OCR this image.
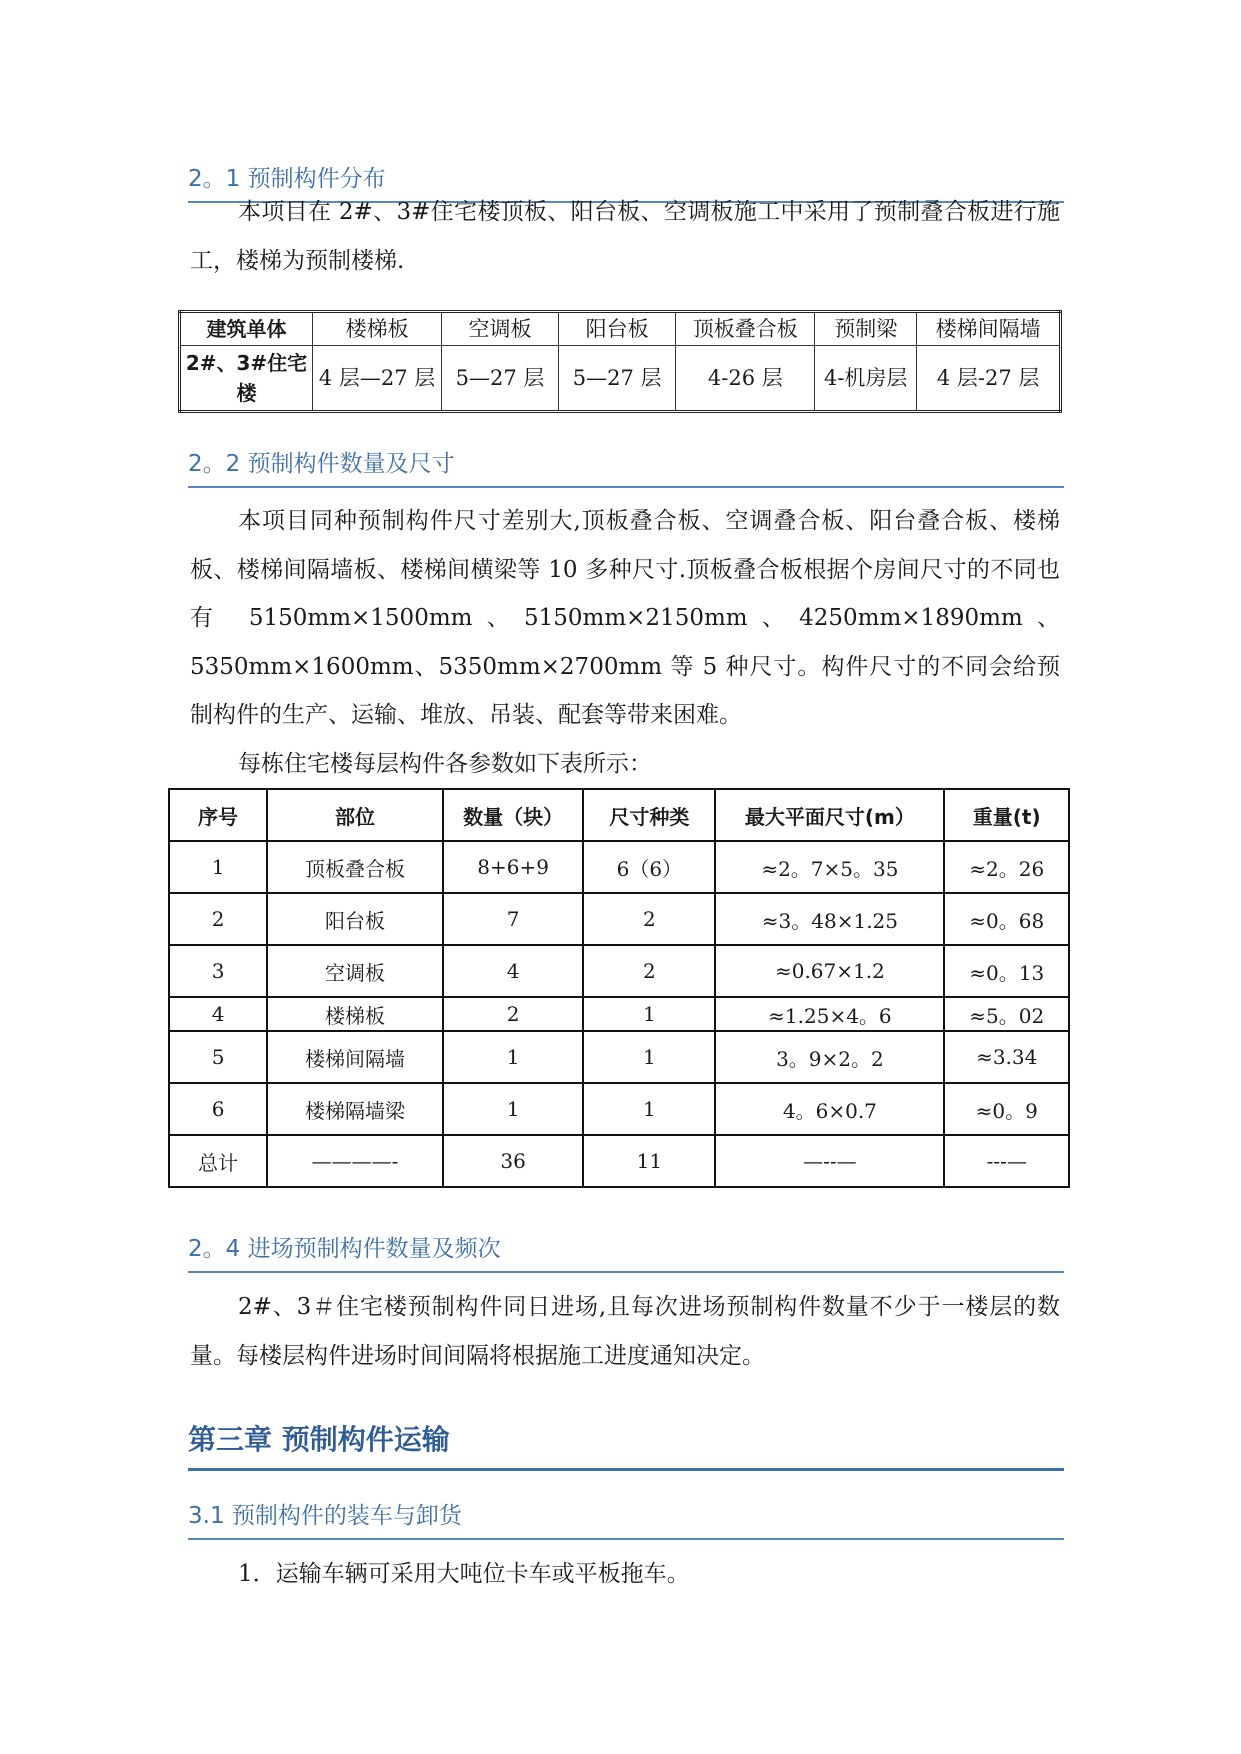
2。1 预制构件分布

本项目在 2#、3#住宅楼顶板、阳台板、空调板施工中采用了预制叠合板进行施工，楼梯为预制楼梯.

建筑单体	楼梯板	空调板	阳台板	顶板叠合板	预制梁	楼梯间隔墙
2#、3#住宅楼	4 层—27 层	5—27 层	5—27 层	4-26 层	4-机房层	4 层-27 层
2。2 预制构件数量及尺寸

本项目同种预制构件尺寸差别大,顶板叠合板、空调叠合板、阳台叠合板、楼梯板、楼梯间隔墙板、楼梯间横梁等 10 多种尺寸.顶板叠合板根据个房间尺寸的不同也有 5150mm×1500mm、5150mm×2150mm、4250mm×1890mm、5350mm×1600mm、5350mm×2700mm 等 5 种尺寸。构件尺寸的不同会给预制构件的生产、运输、堆放、吊装、配套等带来困难。

每栋住宅楼每层构件各参数如下表所示：

序号	部位	数量（块）	尺寸种类	最大平面尺寸(m）	重量(t)
1	顶板叠合板	8+6+9	6（6）	≈2。7×5。35	≈2。26
2	阳台板	7	2	≈3。48×1.25	≈0。68
3	空调板	4	2	≈0.67×1.2	≈0。13
4	楼梯板	2	1	≈1.25×4。6	≈5。02
5	楼梯间隔墙	1	1	3。9×2。2	≈3.34
6	楼梯隔墙梁	1	1	4。6×0.7	≈0。9
总计	————-	36	11	—--—	---—
2。4 进场预制构件数量及频次

2#、3＃住宅楼预制构件同日进场,且每次进场预制构件数量不少于一楼层的数量。每楼层构件进场时间间隔将根据施工进度通知决定。

第三章 预制构件运输
3.1 预制构件的装车与卸货

1．运输车辆可采用大吨位卡车或平板拖车。
